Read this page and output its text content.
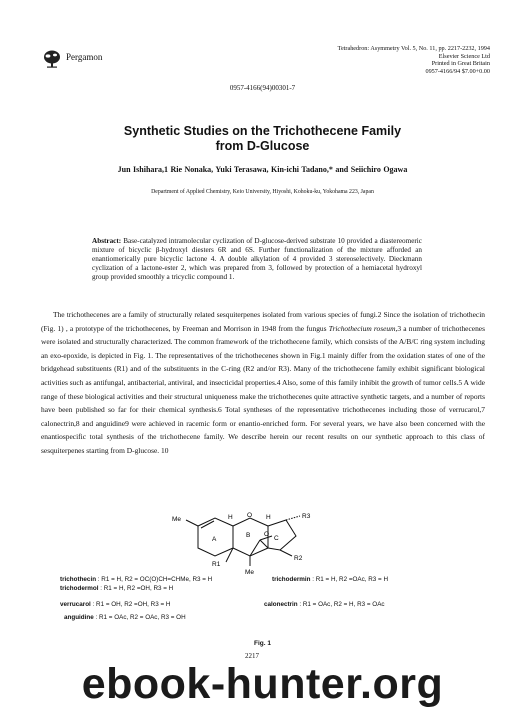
Pergamon
Tetrahedron: Asymmetry Vol. 5, No. 11, pp. 2217-2232, 1994
Elsevier Science Ltd
Printed in Great Britain
0957-4166/94 $7.00+0.00
0957-4166(94)00301-7
Synthetic Studies on the Trichothecene Family
from D-Glucose
Jun Ishihara,1 Rie Nonaka, Yuki Terasawa, Kin-ichi Tadano,* and Seiichiro Ogawa
Department of Applied Chemistry, Keio University, Hiyoshi, Kohoku-ku, Yokohama 223, Japan
Abstract: Base-catalyzed intramolecular cyclization of D-glucose-derived substrate 10 provided a diastereomeric mixture of bicyclic β-hydroxyl diesters 6R and 6S. Further functionalization of the mixture afforded an enantiomerically pure bicyclic lactone 4. A double alkylation of 4 provided 3 stereoselectively. Dieckmann cyclization of a lactone-ester 2, which was prepared from 3, followed by protection of a hemiacetal hydroxyl group provided smoothly a tricyclic compound 1.
The trichothecenes are a family of structurally related sesquiterpenes isolated from various species of fungi.2 Since the isolation of trichothecin (Fig. 1) , a prototype of the trichothecenes, by Freeman and Morrison in 1948 from the fungus Trichothecium roseum,3 a number of trichothecenes were isolated and structurally characterized. The common framework of the trichothecene family, which consists of the A/B/C ring system including an exo-epoxide, is depicted in Fig. 1. The representatives of the trichothecenes shown in Fig.1 mainly differ from the oxidation states of one of the bridgehead substituents (R1) and of the substituents in the C-ring (R2 and/or R3). Many of the trichothecene family exhibit significant biological activities such as antifungal, antibacterial, antiviral, and insecticidal properties.4 Also, some of this family inhibit the growth of tumor cells.5 A wide range of these biological activities and their structural uniqueness make the trichothecenes quite attractive synthetic targets, and a number of reports have been published so far for their chemical synthesis.6 Total syntheses of the representative trichothecenes including those of verrucarol,7 calonectrin,8 and anguidine9 were achieved in racemic form or enantio-enriched form. For several years, we have also been concerned with the enantiospecific total synthesis of the trichothecene family. We describe herein our recent results on our synthetic approach to this class of sesquiterpenes starting from D-glucose. 10
Me	H O H	R3
A
B	C
O
R2
R1
Me
trichothecin : R1 = H, R2 = OC(O)CH=CHMe, R3 = H	trichodermin : R1 = H, R2 =OAc, R3 = H
trichodermol : R1 = H, R2 =OH, R3 = H
verrucarol : R1 = OH, R2 =OH, R3 = H	calonectrin : R1 = OAc, R2 = H, R3 = OAc
anguidine : R1 = OAc, R2 = OAc, R3 = OH
Fig. 1
2217
ebook-hunter.org
